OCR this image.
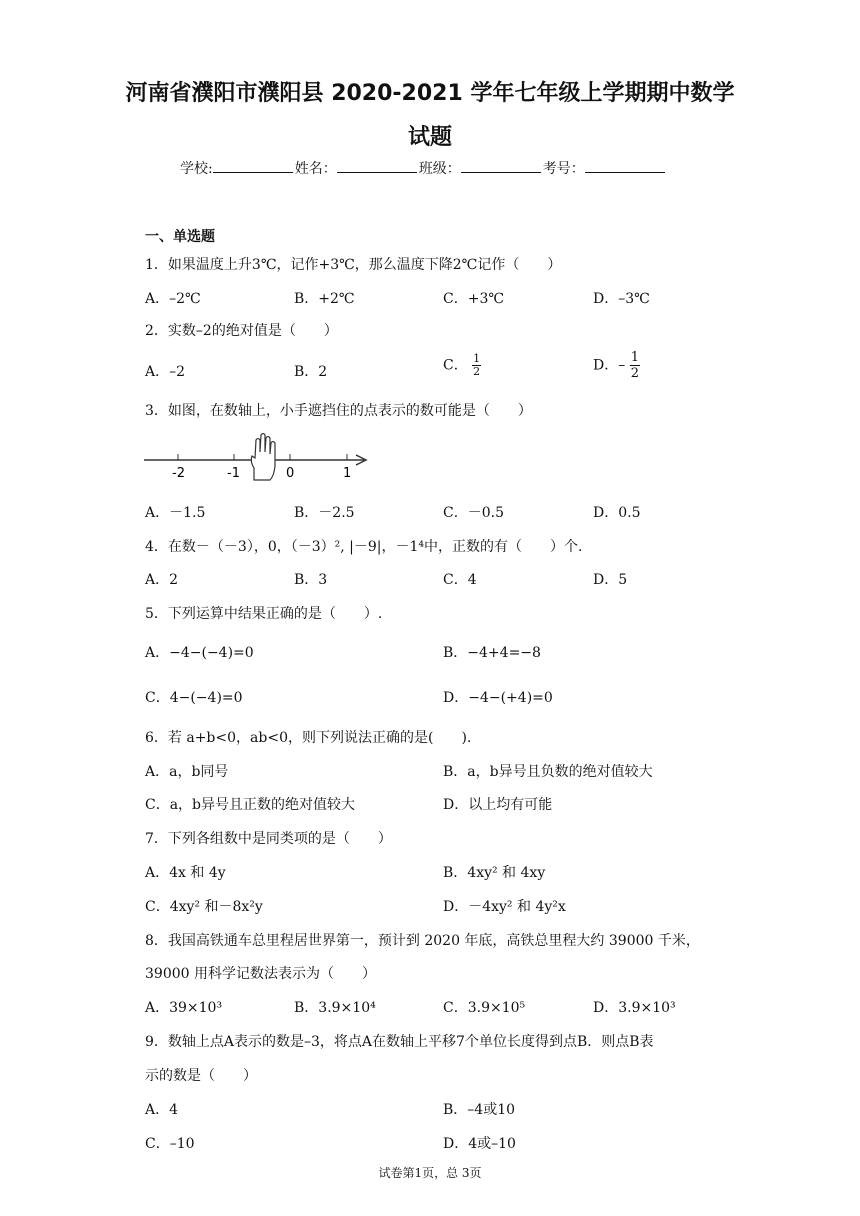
河南省濮阳市濮阳县 2020-2021 学年七年级上学期期中数学
试题
学校:	姓名：	班级：	考号：
一、单选题
1．如果温度上升3℃，记作+3℃，那么温度下降2℃记作（　　）
A．–2℃	B．+2℃	C．+3℃	D．–3℃
2．实数–2的绝对值是（　　）
A．–2	B．2	C． $\frac{1}{2}$	D．– $\frac{1}{2}$
3．如图，在数轴上，小手遮挡住的点表示的数可能是（　　）
-2	-1	0	1
A．－1.5	B．－2.5	C．－0.5	D．0.5
4．在数－（－3），0，（－3）², |－9|，－1⁴中，正数的有（　　）个.
A．2	B．3	C．4	D．5
5．下列运算中结果正确的是（　　）.
A．−4−(−4)=0	B．−4+4=−8
C．4−(−4)=0	D．−4−(+4)=0
6．若 a+b<0，ab<0，则下列说法正确的是(　　).
A．a，b同号	B．a，b异号且负数的绝对值较大
C．a，b异号且正数的绝对值较大	D．以上均有可能
7．下列各组数中是同类项的是（　　）
A．4x 和 4y	B．4xy² 和 4xy
C．4xy² 和－8x²y	D．－4xy² 和 4y²x
8．我国高铁通车总里程居世界第一，预计到 2020 年底，高铁总里程大约 39000 千米，
39000 用科学记数法表示为（　　）
A．39×10³	B．3.9×10⁴	C．3.9×10⁵	D．3.9×10³
9．数轴上点A表示的数是–3，将点A在数轴上平移7个单位长度得到点B．则点B表
示的数是（　　）
A．4	B．–4或10
C．–10	D．4或–10
试卷第1页，总 3页
